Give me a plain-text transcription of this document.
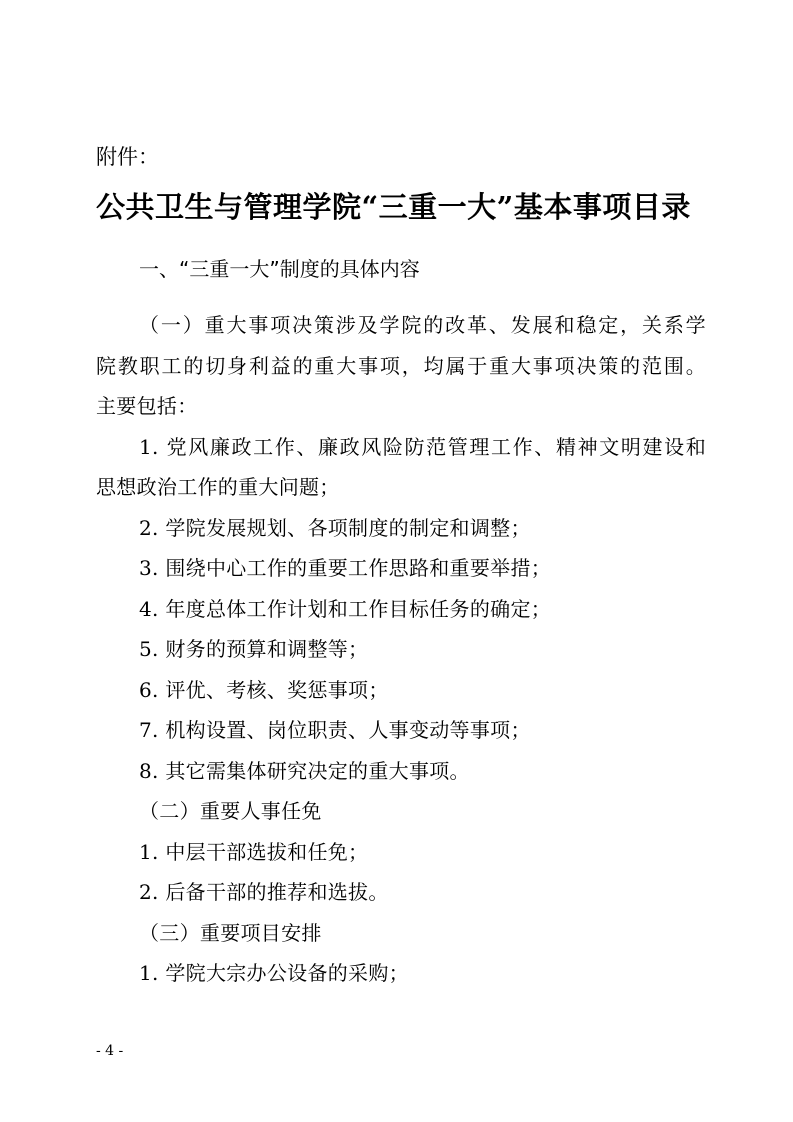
附件：
公共卫生与管理学院“三重一大”基本事项目录
一、“三重一大”制度的具体内容
（一）重大事项决策涉及学院的改革、发展和稳定，关系学
院教职工的切身利益的重大事项，均属于重大事项决策的范围。
主要包括：
1. 党风廉政工作、廉政风险防范管理工作、精神文明建设和
思想政治工作的重大问题；
2. 学院发展规划、各项制度的制定和调整；
3. 围绕中心工作的重要工作思路和重要举措；
4. 年度总体工作计划和工作目标任务的确定；
5. 财务的预算和调整等；
6. 评优、考核、奖惩事项；
7. 机构设置、岗位职责、人事变动等事项；
8. 其它需集体研究决定的重大事项。
（二）重要人事任免
1. 中层干部选拔和任免；
2. 后备干部的推荐和选拔。
（三）重要项目安排
1. 学院大宗办公设备的采购；
- 4 -
